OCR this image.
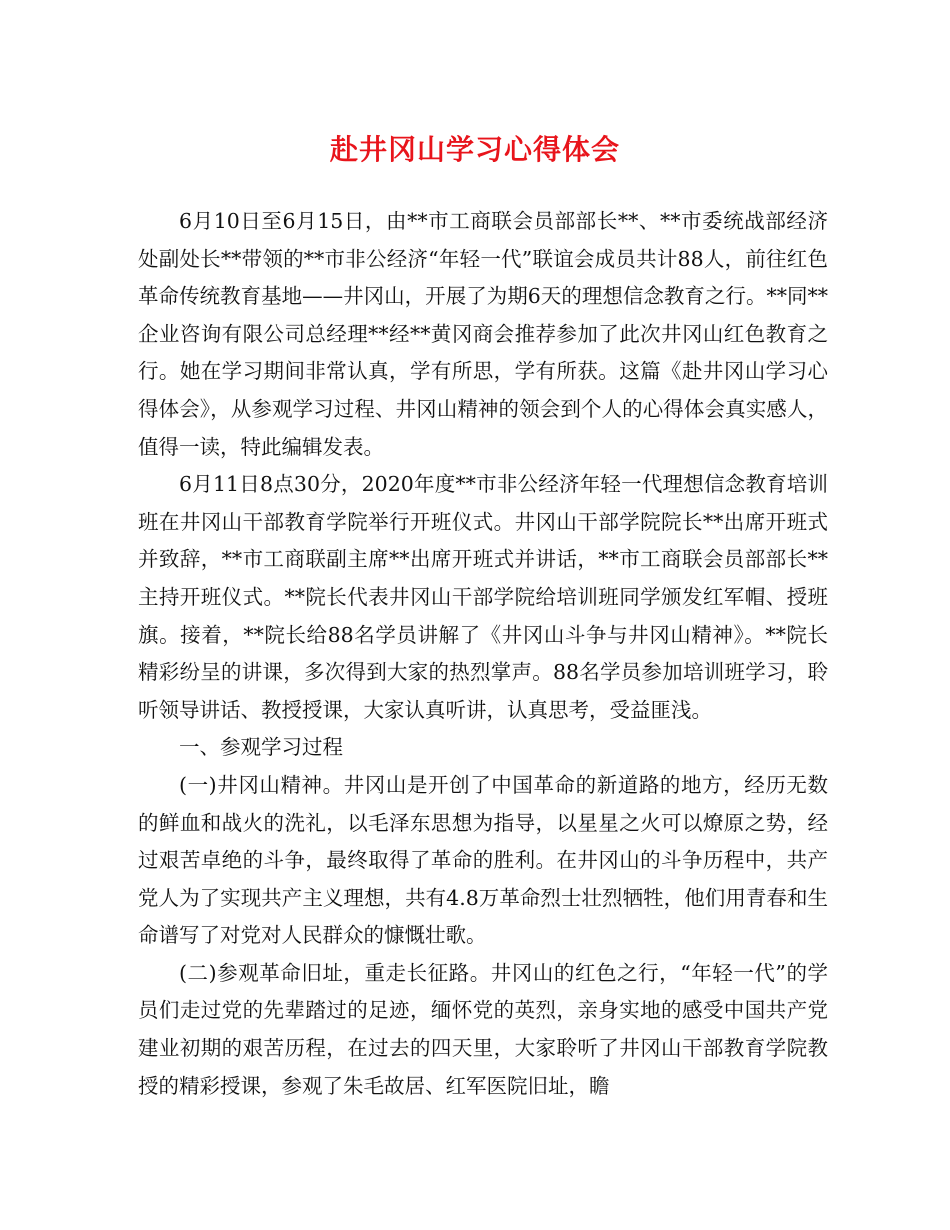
赴井冈山学习心得体会

6月10日至6月15日，由**市工商联会员部部长**、**市委统战部经济处副处长**带领的**市非公经济“年轻一代”联谊会成员共计88人，前往红色革命传统教育基地——井冈山，开展了为期6天的理想信念教育之行。**同**企业咨询有限公司总经理**经**黄冈商会推荐参加了此次井冈山红色教育之行。她在学习期间非常认真，学有所思，学有所获。这篇《赴井冈山学习心得体会》，从参观学习过程、井冈山精神的领会到个人的心得体会真实感人，值得一读，特此编辑发表。

6月11日8点30分，2020年度**市非公经济年轻一代理想信念教育培训班在井冈山干部教育学院举行开班仪式。井冈山干部学院院长**出席开班式并致辞，**市工商联副主席**出席开班式并讲话，**市工商联会员部部长**主持开班仪式。**院长代表井冈山干部学院给培训班同学颁发红军帽、授班旗。接着，**院长给88名学员讲解了《井冈山斗争与井冈山精神》。**院长精彩纷呈的讲课，多次得到大家的热烈掌声。88名学员参加培训班学习，聆听领导讲话、教授授课，大家认真听讲，认真思考，受益匪浅。

一、参观学习过程

(一)井冈山精神。井冈山是开创了中国革命的新道路的地方，经历无数的鲜血和战火的洗礼，以毛泽东思想为指导，以星星之火可以燎原之势，经过艰苦卓绝的斗争，最终取得了革命的胜利。在井冈山的斗争历程中，共产党人为了实现共产主义理想，共有4.8万革命烈士壮烈牺牲，他们用青春和生命谱写了对党对人民群众的慷慨壮歌。

(二)参观革命旧址，重走长征路。井冈山的红色之行，“年轻一代”的学员们走过党的先辈踏过的足迹，缅怀党的英烈，亲身实地的感受中国共产党建业初期的艰苦历程，在过去的四天里，大家聆听了井冈山干部教育学院教授的精彩授课，参观了朱毛故居、红军医院旧址，瞻
